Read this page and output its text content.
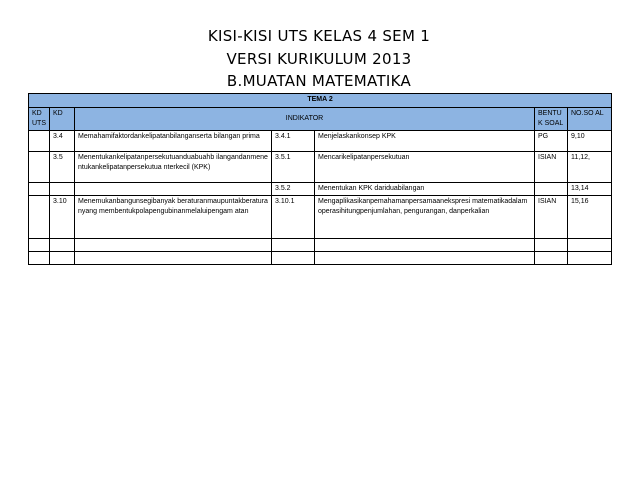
KISI-KISI UTS KELAS 4 SEM 1
VERSI KURIKULUM 2013
B.MUATAN MATEMATIKA
TEMA 2						
KD UTS	KD	INDIKATOR			BENTU K SOAL	NO.SO AL
	3.4	Memahamifaktordankelipatanbilanganserta bilangan prima	3.4.1	Menjelaskankonsep KPK	PG	9,10
	3.5	Menentukankelipatanpersekutuanduabuahb ilangandanmenentukankelipatanpersekutua nterkecil (KPK)	3.5.1	Mencarikelipatanpersekutuan	ISIAN	11,12,
			3.5.2	Menentukan KPK dariduabilangan		13,14
	3.10	Menemukanbangunsegibanyak beraturanmaupuntakberaturanyang membentukpolapengubinanmelaluipengam atan	3.10.1	Mengaplikasikanpemahamanpersamaanekspresi matematikadalamoperasihitungpenjumlahan, pengurangan, danperkalian	ISIAN	15,16
